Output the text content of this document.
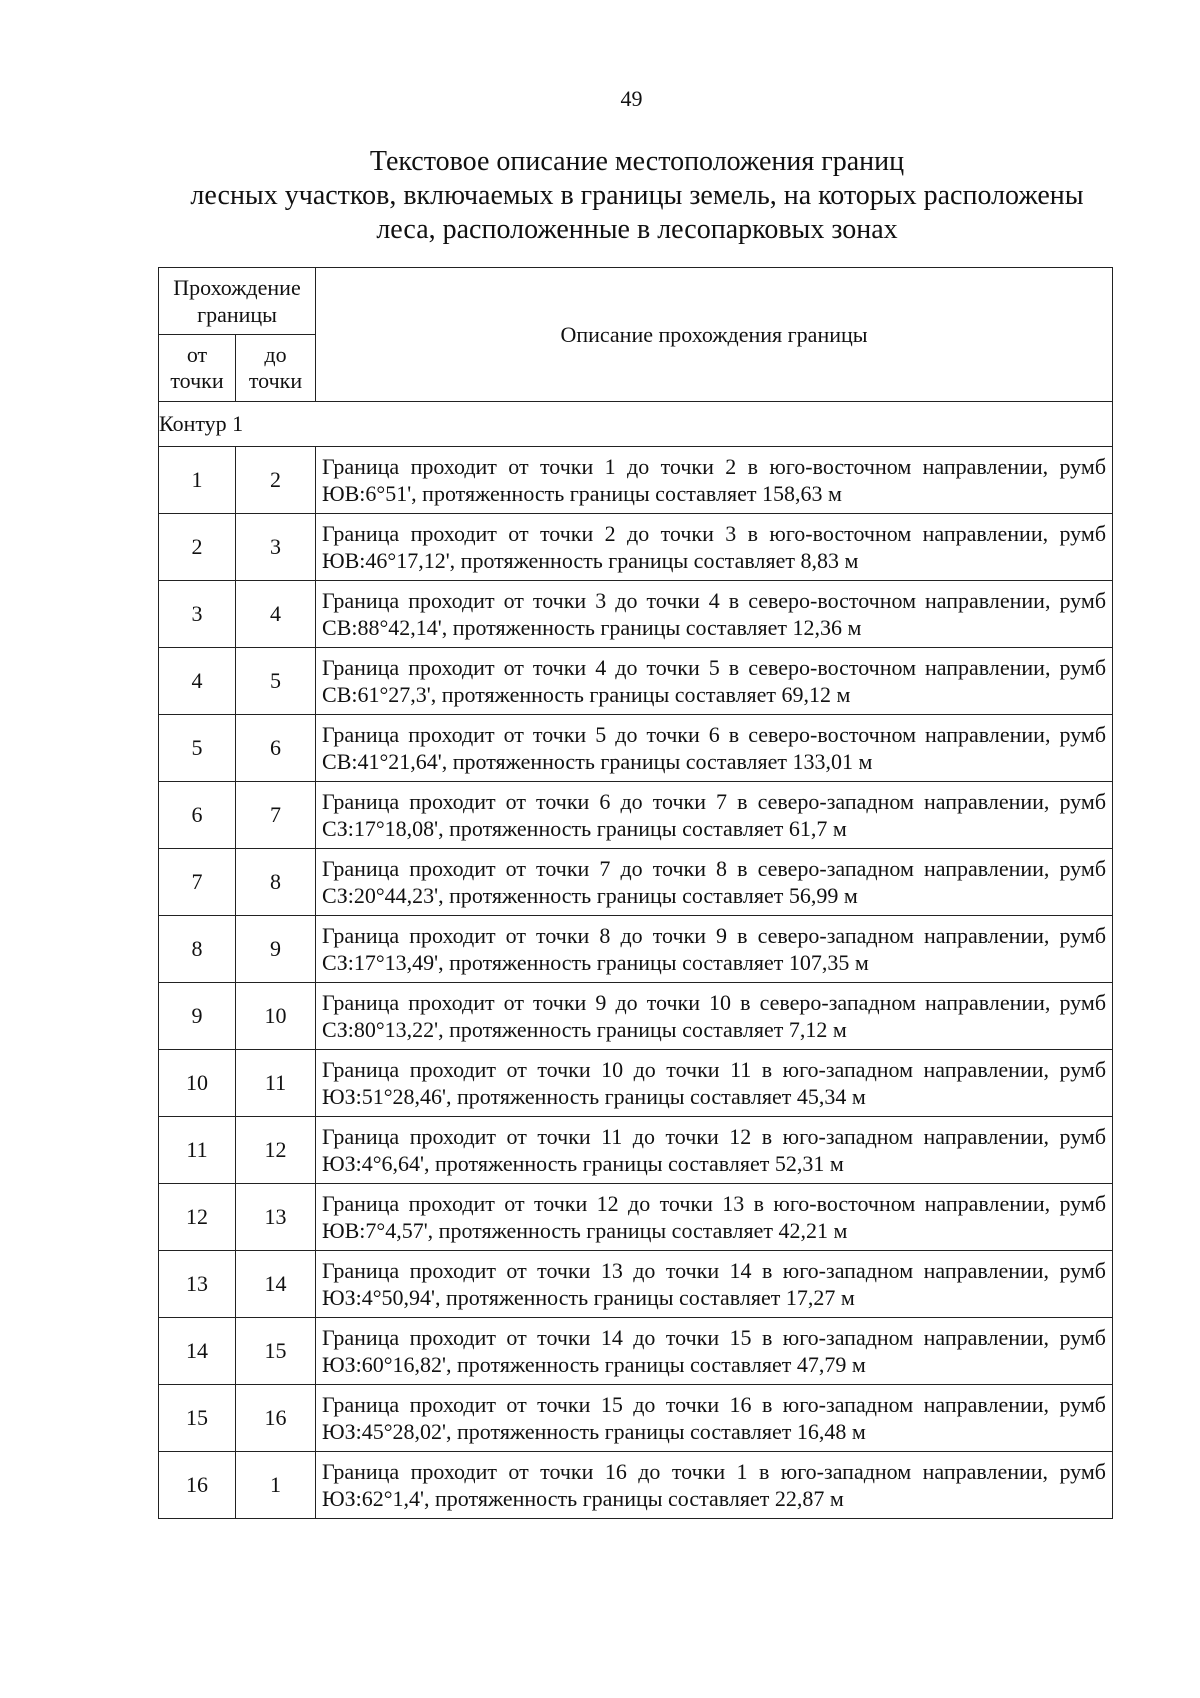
49
Текстовое описание местоположения границ
лесных участков, включаемых в границы земель, на которых расположены
леса, расположенные в лесопарковых зонах
Прохождение границы		Описание прохождения границы
от точки	до точки	
Контур 1		
1	2	Граница проходит от точки 1 до точки 2 в юго-восточном направлении, румб ЮВ:6°51', протяженность границы составляет 158,63 м
2	3	Граница проходит от точки 2 до точки 3 в юго-восточном направлении, румб ЮВ:46°17,12', протяженность границы составляет 8,83 м
3	4	Граница проходит от точки 3 до точки 4 в северо-восточном направлении, румб СВ:88°42,14', протяженность границы составляет 12,36 м
4	5	Граница проходит от точки 4 до точки 5 в северо-восточном направлении, румб СВ:61°27,3', протяженность границы составляет 69,12 м
5	6	Граница проходит от точки 5 до точки 6 в северо-восточном направлении, румб СВ:41°21,64', протяженность границы составляет 133,01 м
6	7	Граница проходит от точки 6 до точки 7 в северо-западном направлении, румб СЗ:17°18,08', протяженность границы составляет 61,7 м
7	8	Граница проходит от точки 7 до точки 8 в северо-западном направлении, румб СЗ:20°44,23', протяженность границы составляет 56,99 м
8	9	Граница проходит от точки 8 до точки 9 в северо-западном направлении, румб СЗ:17°13,49', протяженность границы составляет 107,35 м
9	10	Граница проходит от точки 9 до точки 10 в северо-западном направлении, румб СЗ:80°13,22', протяженность границы составляет 7,12 м
10	11	Граница проходит от точки 10 до точки 11 в юго-западном направлении, румб ЮЗ:51°28,46', протяженность границы составляет 45,34 м
11	12	Граница проходит от точки 11 до точки 12 в юго-западном направлении, румб ЮЗ:4°6,64', протяженность границы составляет 52,31 м
12	13	Граница проходит от точки 12 до точки 13 в юго-восточном направлении, румб ЮВ:7°4,57', протяженность границы составляет 42,21 м
13	14	Граница проходит от точки 13 до точки 14 в юго-западном направлении, румб ЮЗ:4°50,94', протяженность границы составляет 17,27 м
14	15	Граница проходит от точки 14 до точки 15 в юго-западном направлении, румб ЮЗ:60°16,82', протяженность границы составляет 47,79 м
15	16	Граница проходит от точки 15 до точки 16 в юго-западном направлении, румб ЮЗ:45°28,02', протяженность границы составляет 16,48 м
16	1	Граница проходит от точки 16 до точки 1 в юго-западном направлении, румб ЮЗ:62°1,4', протяженность границы составляет 22,87 м
